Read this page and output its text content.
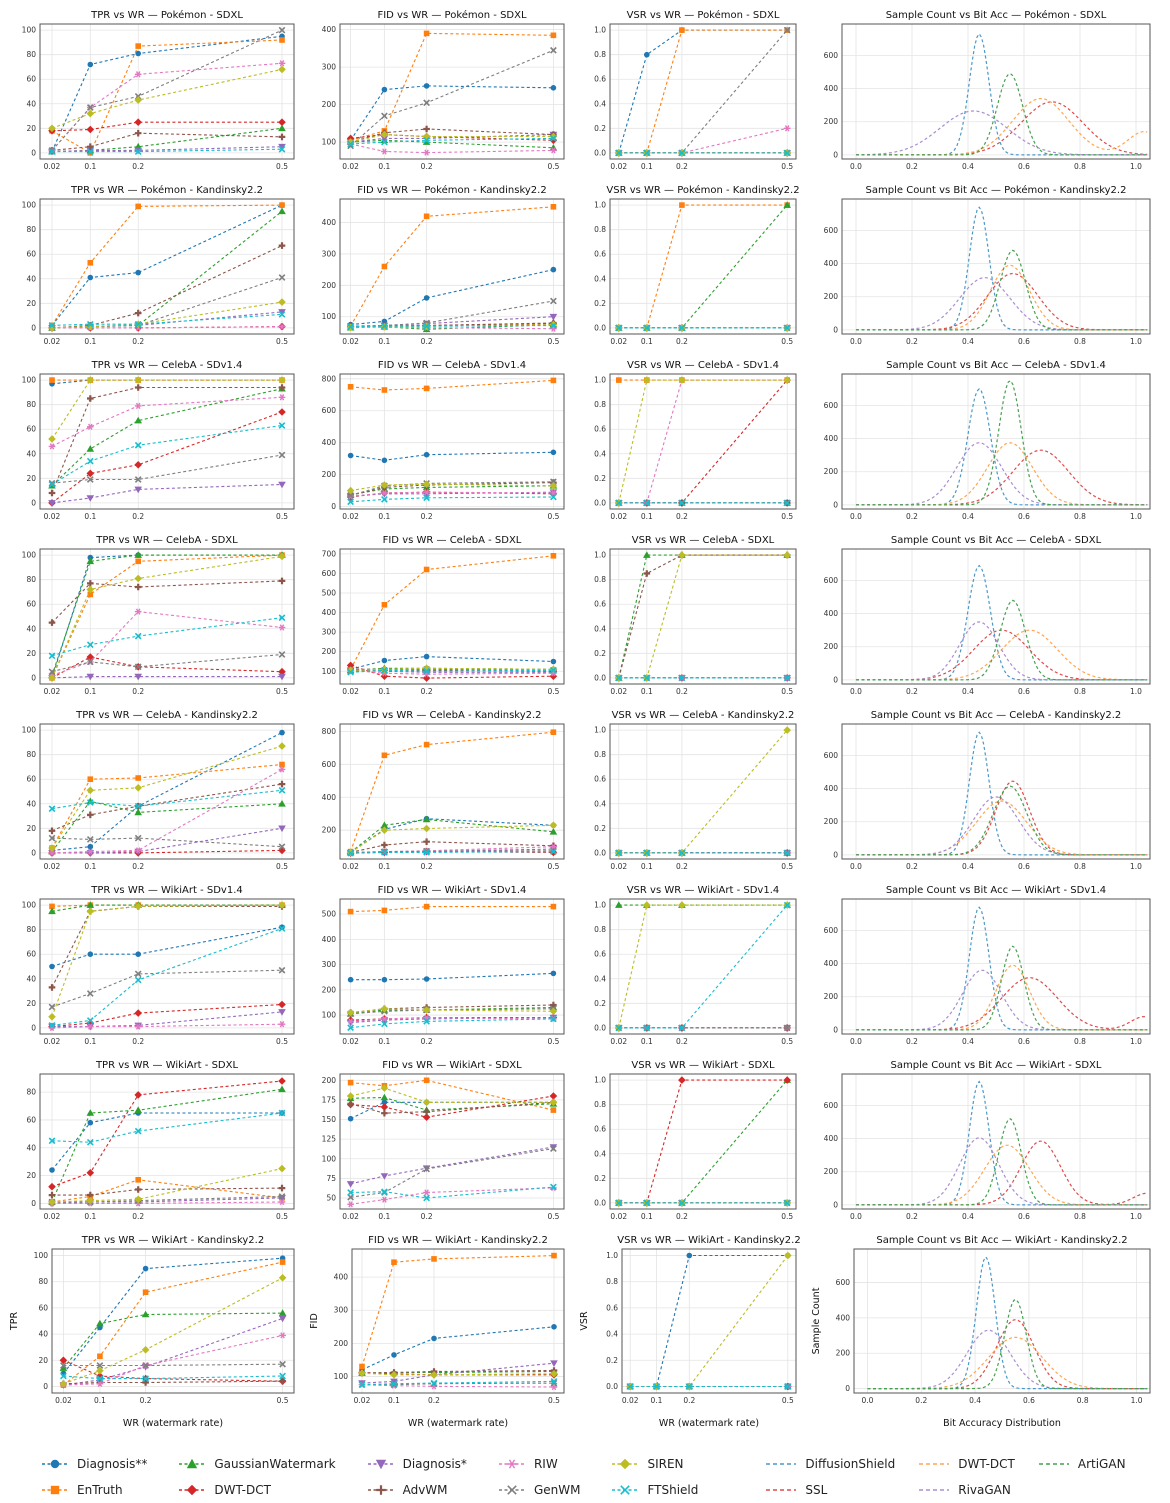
0
20
40
60
80
100
0.02	0.1	0.2	0.5
TPR vs WR — Pokémon - SDXL
100
200
300
400
0.02	0.1	0.2	0.5
FID vs WR — Pokémon - SDXL
0.0
0.2
0.4
0.6
0.8
1.0
0.02 0.1	0.2	0.5
VSR vs WR — Pokémon - SDXL
0
200
400
600
0.0	0.2	0.4	0.6	0.8	1.0
Sample Count vs Bit Acc — Pokémon - SDXL
0
20
40
60
80
100
0.02	0.1	0.2	0.5
TPR vs WR — Pokémon - Kandinsky2.2
100
200
300
400
0.02	0.1	0.2	0.5
FID vs WR — Pokémon - Kandinsky2.2
0.0
0.2
0.4
0.6
0.8
1.0
0.02 0.1	0.2	0.5
VSR vs WR — Pokémon - Kandinsky2.2
0
200
400
600
0.0	0.2	0.4	0.6	0.8	1.0
Sample Count vs Bit Acc — Pokémon - Kandinsky2.2
0
20
40
60
80
100
0.02	0.1	0.2	0.5
TPR vs WR — CelebA - SDv1.4
0
200
400
600
800
0.02	0.1	0.2	0.5
FID vs WR — CelebA - SDv1.4
0.0
0.2
0.4
0.6
0.8
1.0
0.02 0.1	0.2	0.5
VSR vs WR — CelebA - SDv1.4
0
200
400
600
0.0	0.2	0.4	0.6	0.8	1.0
Sample Count vs Bit Acc — CelebA - SDv1.4
0
20
40
60
80
100
0.02	0.1	0.2	0.5
TPR vs WR — CelebA - SDXL
100
200
300
400
500
600
700
0.02	0.1	0.2	0.5
FID vs WR — CelebA - SDXL
0.0
0.2
0.4
0.6
0.8
1.0
0.02 0.1	0.2	0.5
VSR vs WR — CelebA - SDXL
0
200
400
600
0.0	0.2	0.4	0.6	0.8	1.0
Sample Count vs Bit Acc — CelebA - SDXL
0
20
40
60
80
100
0.02	0.1	0.2	0.5
TPR vs WR — CelebA - Kandinsky2.2
200
400
600
800
0.02	0.1	0.2	0.5
FID vs WR — CelebA - Kandinsky2.2
0.0
0.2
0.4
0.6
0.8
1.0
0.02 0.1	0.2	0.5
VSR vs WR — CelebA - Kandinsky2.2
0
200
400
600
0.0	0.2	0.4	0.6	0.8	1.0
Sample Count vs Bit Acc — CelebA - Kandinsky2.2
0
20
40
60
80
100
0.02	0.1	0.2	0.5
TPR vs WR — WikiArt - SDv1.4
100
200
300
400
500
0.02	0.1	0.2	0.5
FID vs WR — WikiArt - SDv1.4
0.0
0.2
0.4
0.6
0.8
1.0
0.02 0.1	0.2	0.5
VSR vs WR — WikiArt - SDv1.4
0
200
400
600
0.0	0.2	0.4	0.6	0.8	1.0
Sample Count vs Bit Acc — WikiArt - SDv1.4
0
20
40
60
80
0.02	0.1	0.2	0.5
TPR vs WR — WikiArt - SDXL
50
75
100
125
150
175
200
0.02	0.1	0.2	0.5
FID vs WR — WikiArt - SDXL
0.0
0.2
0.4
0.6
0.8
1.0
0.02 0.1	0.2	0.5
VSR vs WR — WikiArt - SDXL
0
200
400
600
0.0	0.2	0.4	0.6	0.8	1.0
Sample Count vs Bit Acc — WikiArt - SDXL
0
20
40
60
80
100
0.02	0.1	0.2	0.5
TPR vs WR — WikiArt - Kandinsky2.2
WR (watermark rate)
TPR
100
200
300
400
0.02 0.1	0.2	0.5
FID vs WR — WikiArt - Kandinsky2.2
WR (watermark rate)
FID
0.0
0.2
0.4
0.6
0.8
1.0
0.02 0.1	0.2	0.5
VSR vs WR — WikiArt - Kandinsky2.2
WR (watermark rate)
VSR
0
200
400
600
0.0	0.2	0.4	0.6	0.8	1.0
Sample Count vs Bit Acc — WikiArt - Kandinsky2.2
Bit Accuracy Distribution
Sample Count
Diagnosis**
EnTruth
GaussianWatermark
DWT-DCT
Diagnosis*
AdvWM
RIW
GenWM
SIREN
FTShield
DiffusionShield
SSL
DWT-DCT
RivaGAN
ArtiGAN
